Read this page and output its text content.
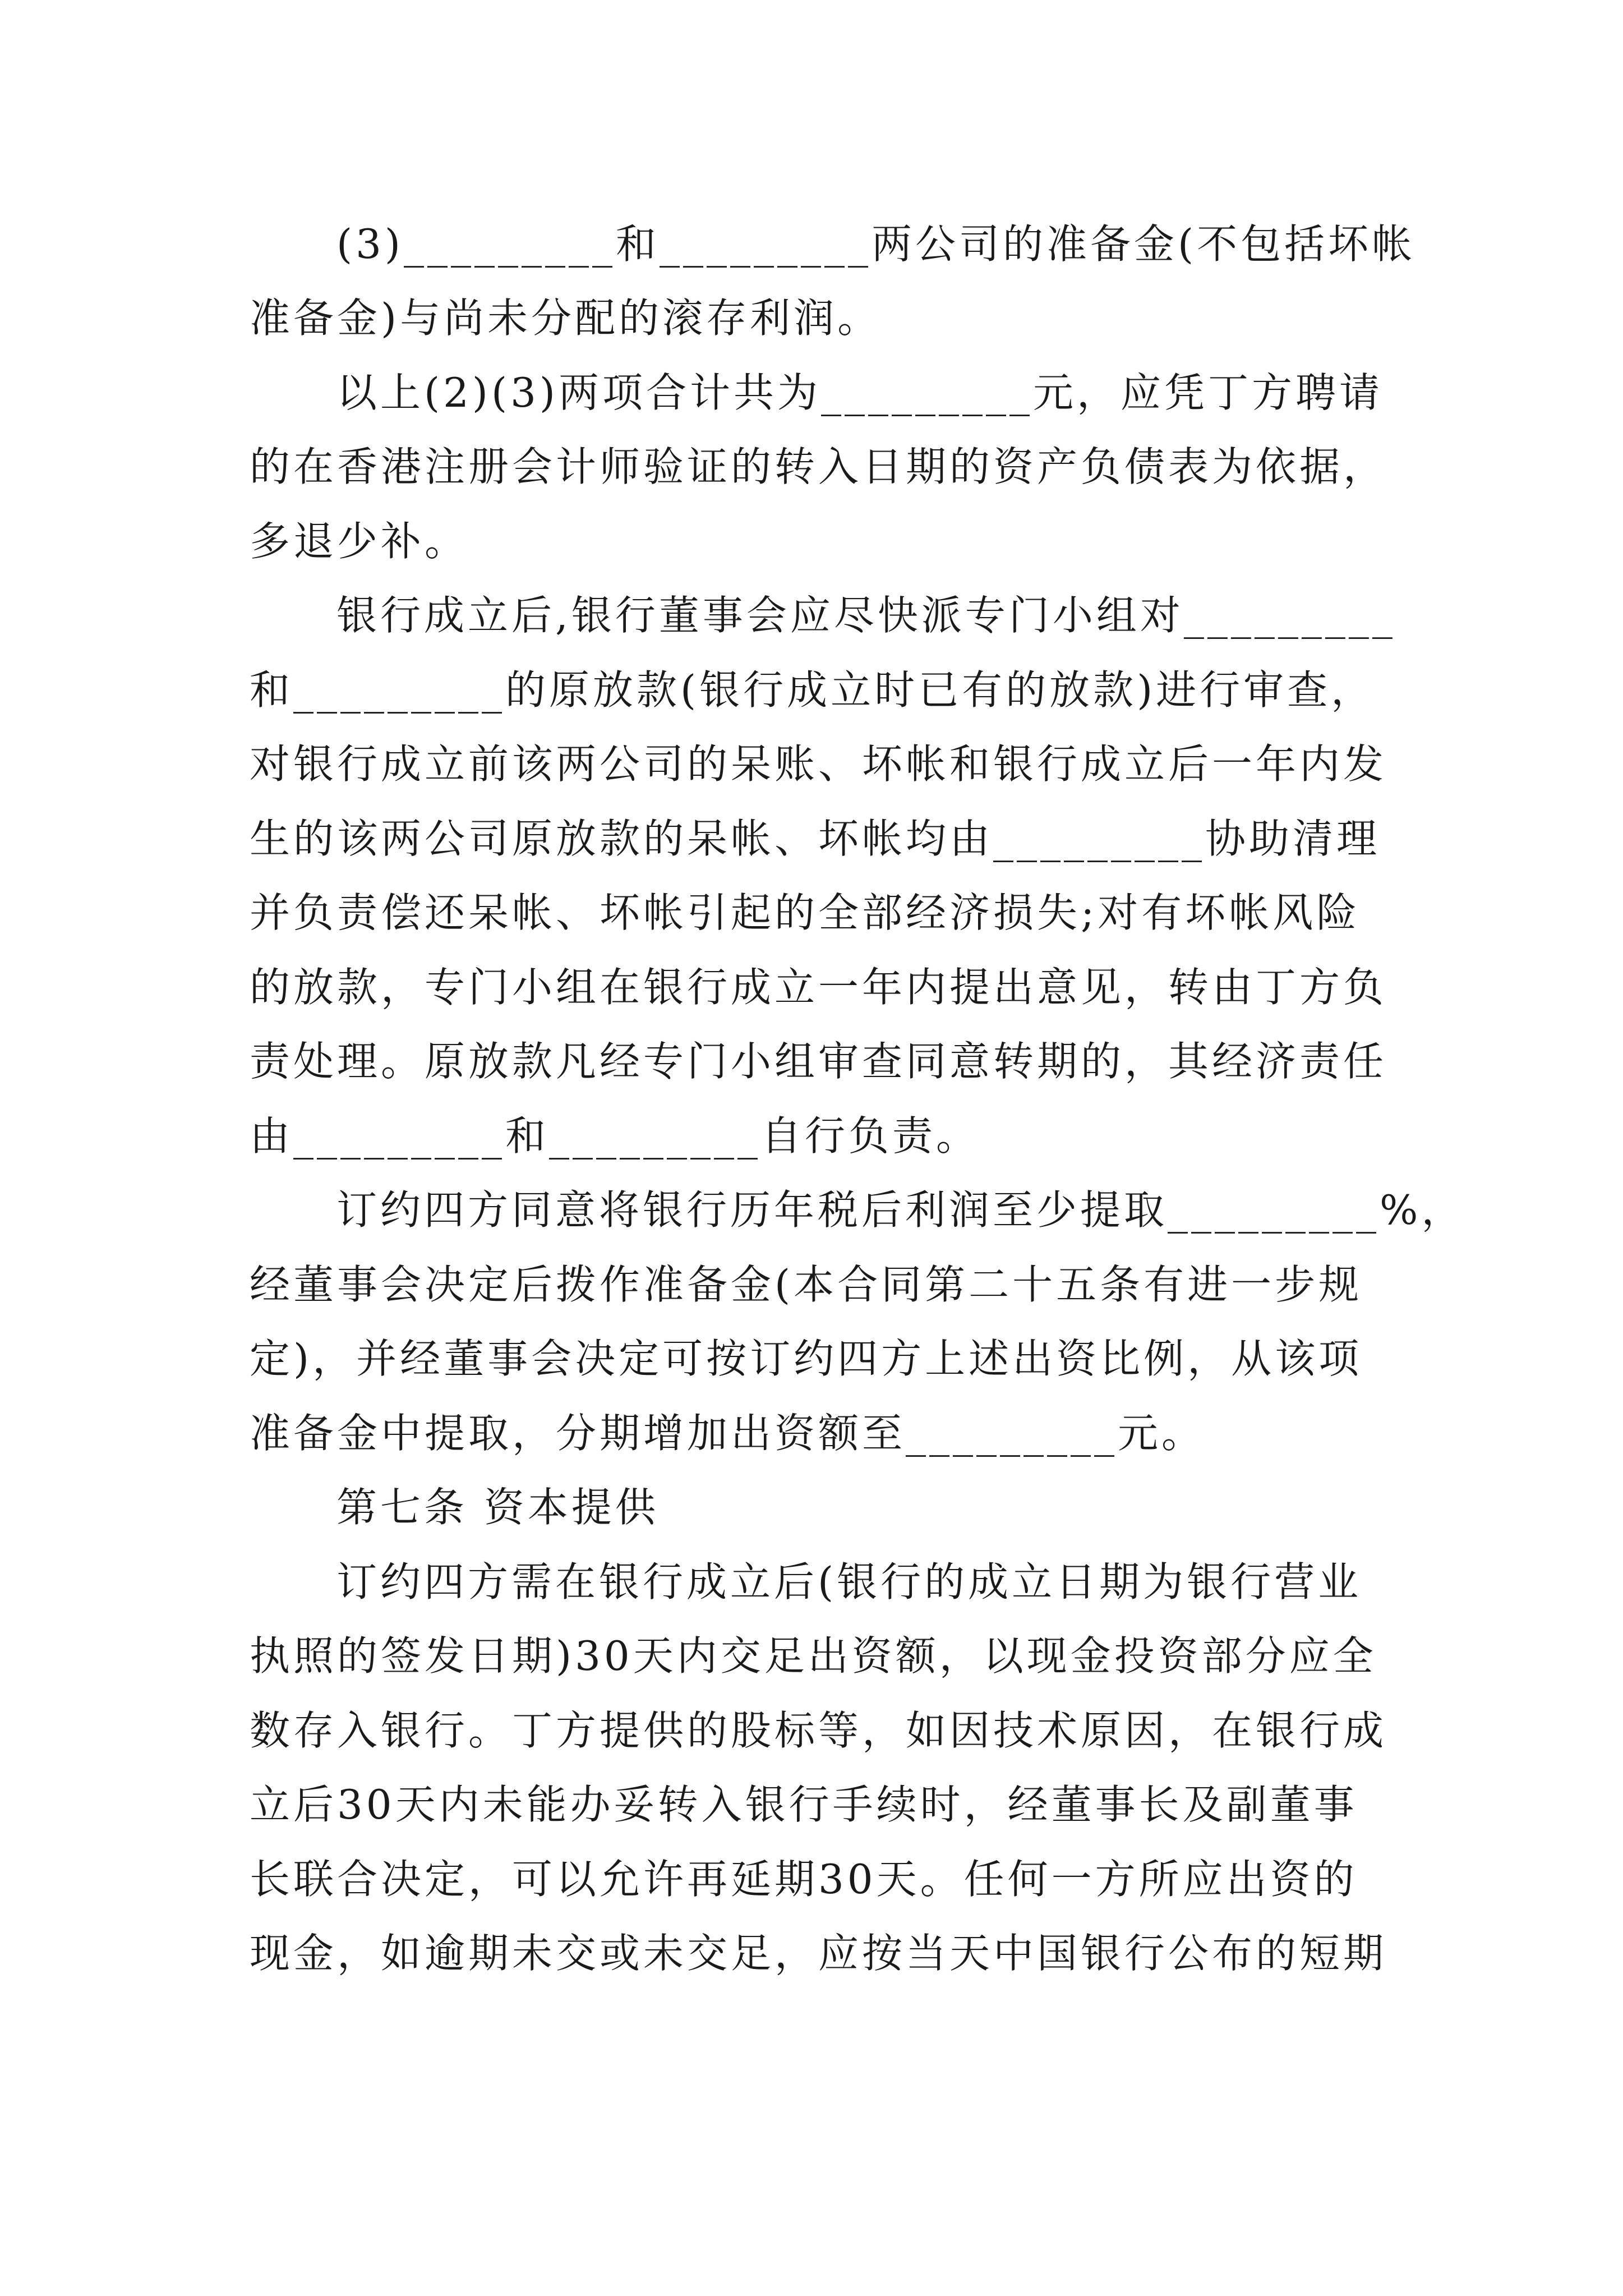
(3)_________和_________两公司的准备金(不包括坏帐
准备金)与尚未分配的滚存利润。
以上(2)(3)两项合计共为_________元，应凭丁方聘请
的在香港注册会计师验证的转入日期的资产负债表为依据，
多退少补。
银行成立后,银行董事会应尽快派专门小组对_________
和_________的原放款(银行成立时已有的放款)进行审查，
对银行成立前该两公司的呆账、坏帐和银行成立后一年内发
生的该两公司原放款的呆帐、坏帐均由_________协助清理
并负责偿还呆帐、坏帐引起的全部经济损失;对有坏帐风险
的放款，专门小组在银行成立一年内提出意见，转由丁方负
责处理。原放款凡经专门小组审查同意转期的，其经济责任
由_________和_________自行负责。
订约四方同意将银行历年税后利润至少提取_________%，
经董事会决定后拨作准备金(本合同第二十五条有进一步规
定)，并经董事会决定可按订约四方上述出资比例，从该项
准备金中提取，分期增加出资额至_________元。
第七条 资本提供
订约四方需在银行成立后(银行的成立日期为银行营业
执照的签发日期)30天内交足出资额，以现金投资部分应全
数存入银行。丁方提供的股标等，如因技术原因，在银行成
立后30天内未能办妥转入银行手续时，经董事长及副董事
长联合决定，可以允许再延期30天。任何一方所应出资的
现金，如逾期未交或未交足，应按当天中国银行公布的短期
